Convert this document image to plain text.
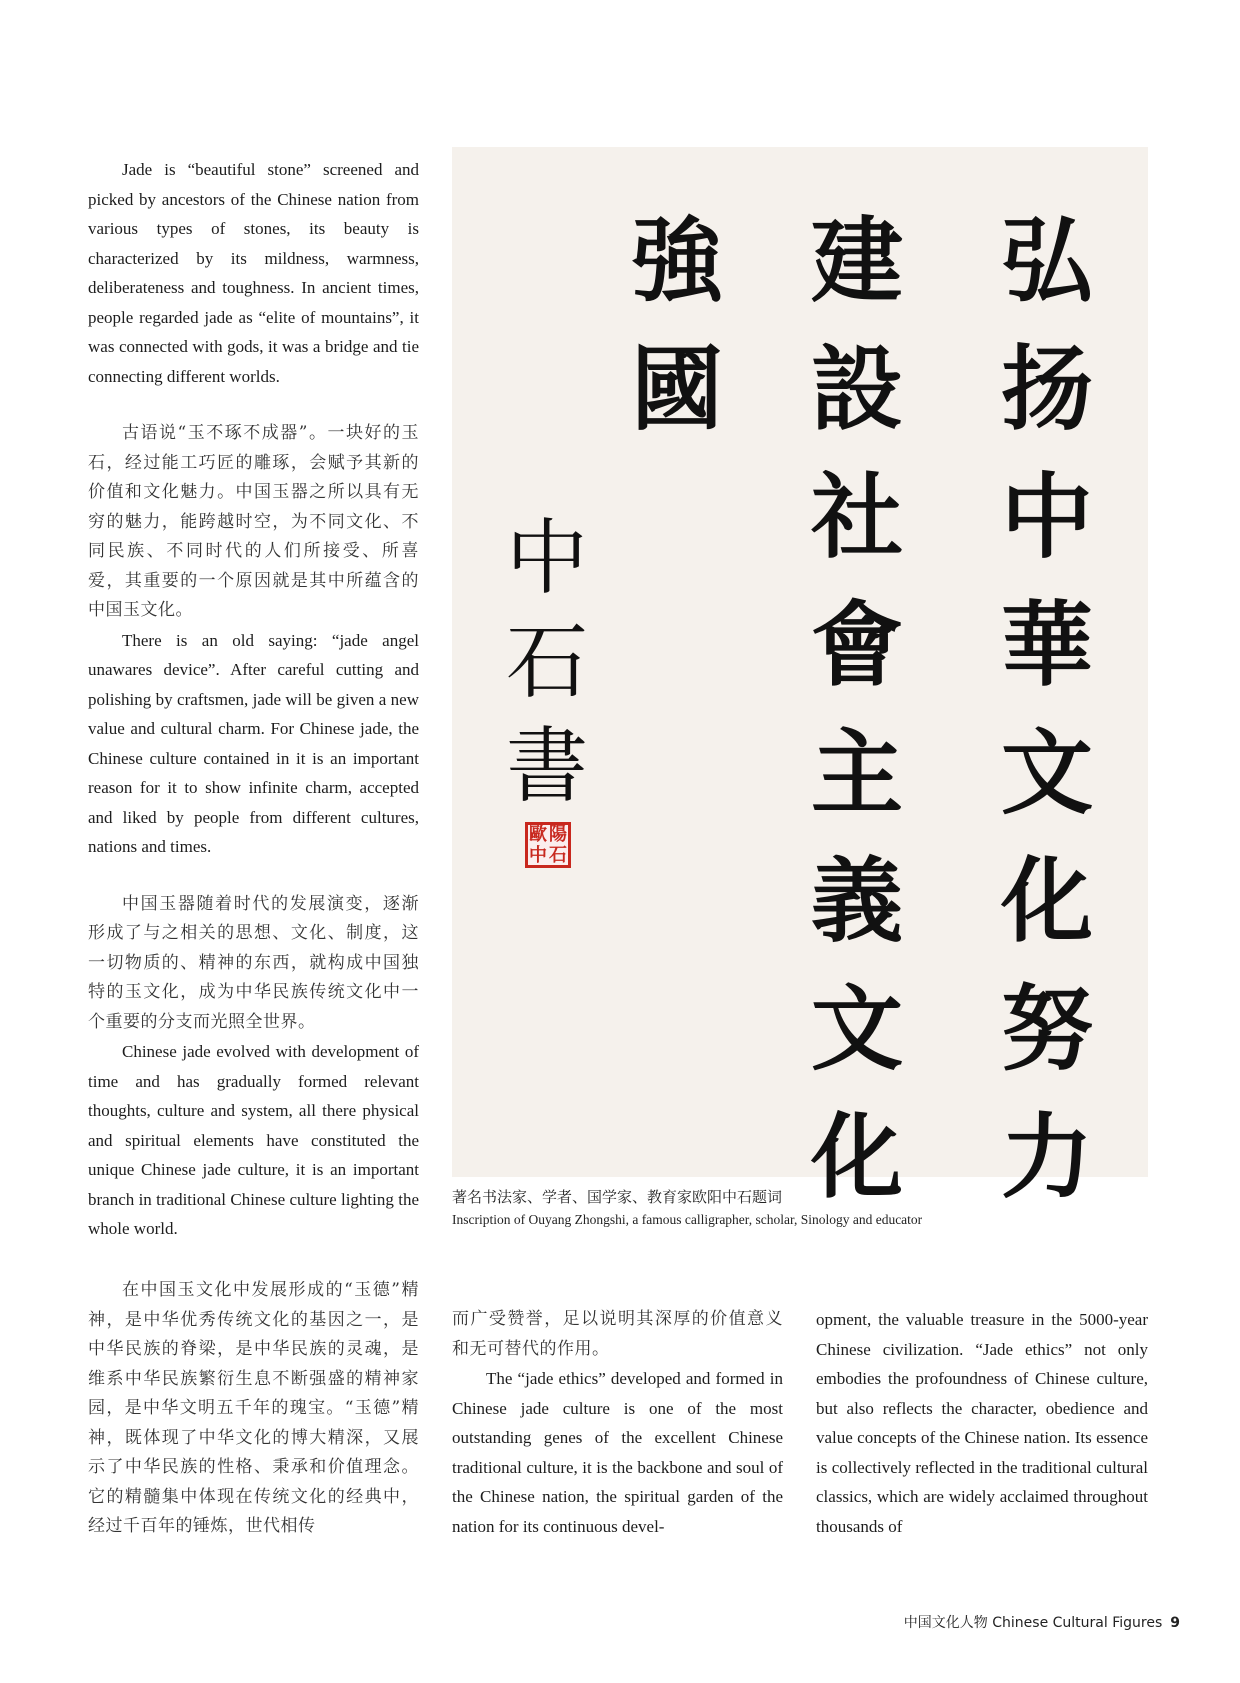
Jade is “beautiful stone” screened and picked by ancestors of the Chinese nation from various types of stones, its beauty is characterized by its mildness, warmness, deliberateness and toughness. In ancient times, people regarded jade as “elite of mountains”, it was connected with gods, it was a bridge and tie connecting different worlds.

古语说“玉不琢不成器”。一块好的玉石，经过能工巧匠的雕琢，会赋予其新的价值和文化魅力。中国玉器之所以具有无穷的魅力，能跨越时空，为不同文化、不同民族、不同时代的人们所接受、所喜爱，其重要的一个原因就是其中所蕴含的中国玉文化。

There is an old saying: “jade angel unawares device”. After careful cutting and polishing by craftsmen, jade will be given a new value and cultural charm. For Chinese jade, the Chinese culture contained in it is an important reason for it to show infinite charm, accepted and liked by people from different cultures, nations and times.

中国玉器随着时代的发展演变，逐渐形成了与之相关的思想、文化、制度，这一切物质的、精神的东西，就构成中国独特的玉文化，成为中华民族传统文化中一个重要的分支而光照全世界。

Chinese jade evolved with development of time and has gradually formed relevant thoughts, culture and system, all there physical and spiritual elements have constituted the unique Chinese jade culture, it is an important branch in traditional Chinese culture lighting the whole world.

弘
扬
中
華
文
化
努
力
建
設
社
會
主
義
文
化
強
國
中
石
書
歐 陽
中 石
著名书法家、学者、国学家、教育家欧阳中石题词
Inscription of Ouyang Zhongshi, a famous calligrapher, scholar, Sinology and educator

在中国玉文化中发展形成的“玉德”精神，是中华优秀传统文化的基因之一，是中华民族的脊梁，是中华民族的灵魂，是维系中华民族繁衍生息不断强盛的精神家园，是中华文明五千年的瑰宝。“玉德”精神，既体现了中华文化的博大精深，又展示了中华民族的性格、秉承和价值理念。它的精髓集中体现在传统文化的经典中，经过千百年的锤炼，世代相传

而广受赞誉，足以说明其深厚的价值意义和无可替代的作用。

The “jade ethics” developed and formed in Chinese jade culture is one of the most outstanding genes of the excellent Chinese traditional culture, it is the backbone and soul of the Chinese nation, the spiritual garden of the nation for its continuous devel-

opment, the valuable treasure in the 5000-year Chinese civilization. “Jade ethics” not only embodies the profoundness of Chinese culture, but also reflects the character, obedience and value concepts of the Chinese nation. Its essence is collectively reflected in the traditional cultural classics, which are widely acclaimed throughout thousands of

中国文化人物 Chinese Cultural Figures 9
